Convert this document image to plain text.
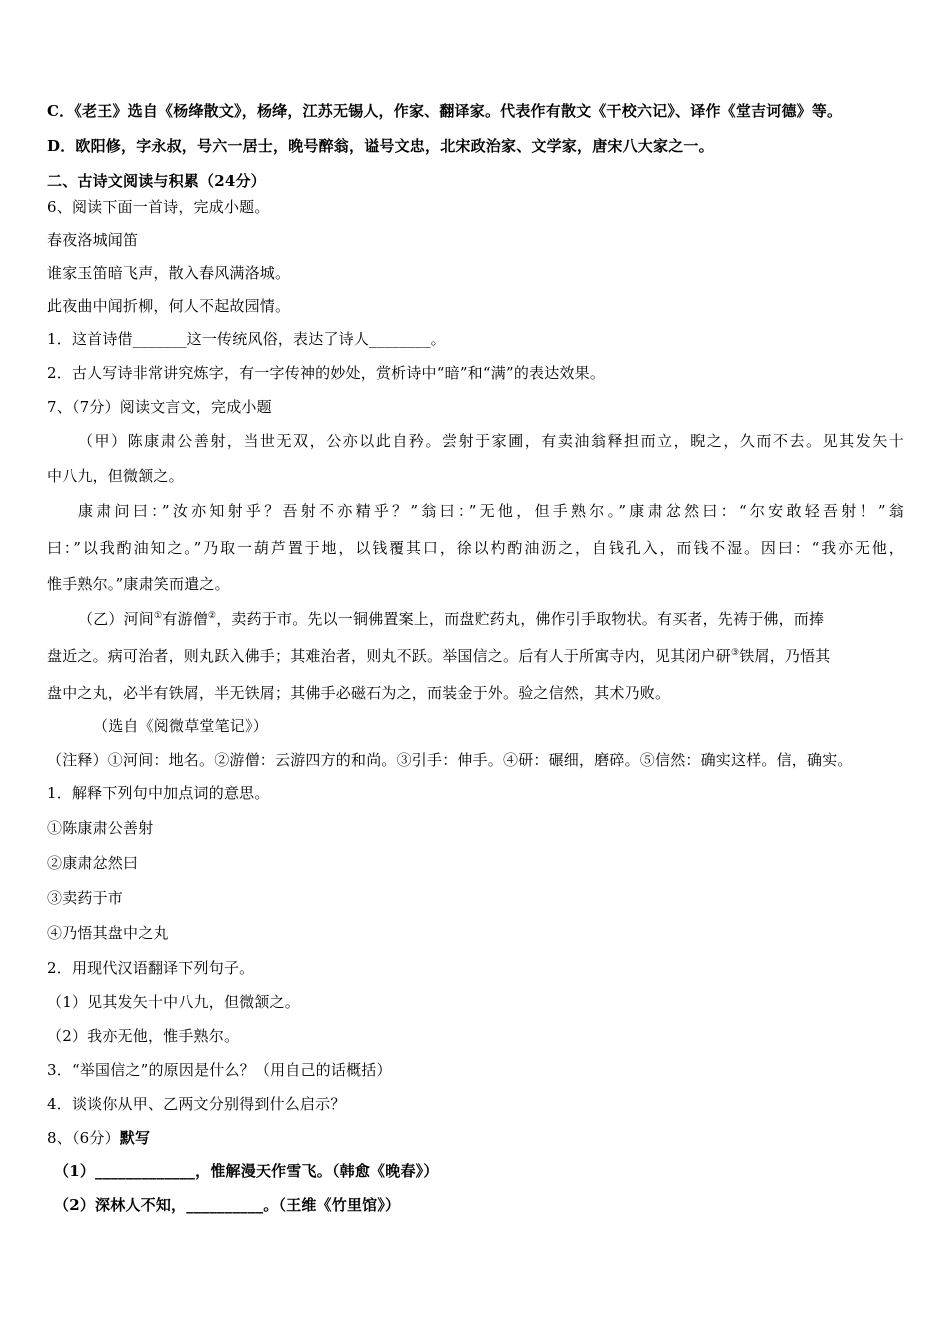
C．《老王》选自《杨绛散文》，杨绛，江苏无锡人，作家、翻译家。代表作有散文《干校六记》、译作《堂吉诃德》等。
D．欧阳修，字永叔，号六一居士，晚号醉翁，谥号文忠，北宋政治家、文学家，唐宋八大家之一。
二、古诗文阅读与积累（24分）
6、阅读下面一首诗，完成小题。
春夜洛城闻笛
谁家玉笛暗飞声，散入春风满洛城。
此夜曲中闻折柳，何人不起故园情。
1．这首诗借_______这一传统风俗，表达了诗人________。
2．古人写诗非常讲究炼字，有一字传神的妙处，赏析诗中“暗”和“满”的表达效果。
7、（7分）阅读文言文，完成小题
（甲）陈康肃公善射，当世无双，公亦以此自矜。尝射于家圃，有卖油翁释担而立，睨之，久而不去。见其发矢十
中八九，但微颔之。
康肃问曰：”汝亦知射乎？吾射不亦精乎？”翁曰：”无他，但手熟尔。”康肃忿然曰：“尔安敢轻吾射！”翁
曰：”以我酌油知之。”乃取一葫芦置于地，以钱覆其口，徐以杓酌油沥之，自钱孔入，而钱不湿。因曰：“我亦无他，
惟手熟尔。”康肃笑而遣之。
（乙）河间①有游僧②，卖药于市。先以一铜佛置案上，而盘贮药丸，佛作引手取物状。有买者，先祷于佛，而捧
盘近之。病可治者，则丸跃入佛手；其难治者，则丸不跃。举国信之。后有人于所寓寺内，见其闭户研③铁屑，乃悟其
盘中之丸，必半有铁屑，半无铁屑；其佛手必磁石为之，而装金于外。验之信然，其术乃败。
（选自《阅微草堂笔记》）
（注释）①河间：地名。②游僧：云游四方的和尚。③引手：伸手。④研：碾细，磨碎。⑤信然：确实这样。信，确实。
1．解释下列句中加点词的意思。
①陈康肃公善射
②康肃忿然曰
③卖药于市
④乃悟其盘中之丸
2．用现代汉语翻译下列句子。
（1）见其发矢十中八九，但微颔之。
（2）我亦无他，惟手熟尔。
3．“举国信之”的原因是什么？（用自己的话概括）
4．谈谈你从甲、乙两文分别得到什么启示？
8、（6分）默写
（1）_____________，惟解漫天作雪飞。（韩愈《晚春》）
（2）深林人不知，__________。（王维《竹里馆》）
